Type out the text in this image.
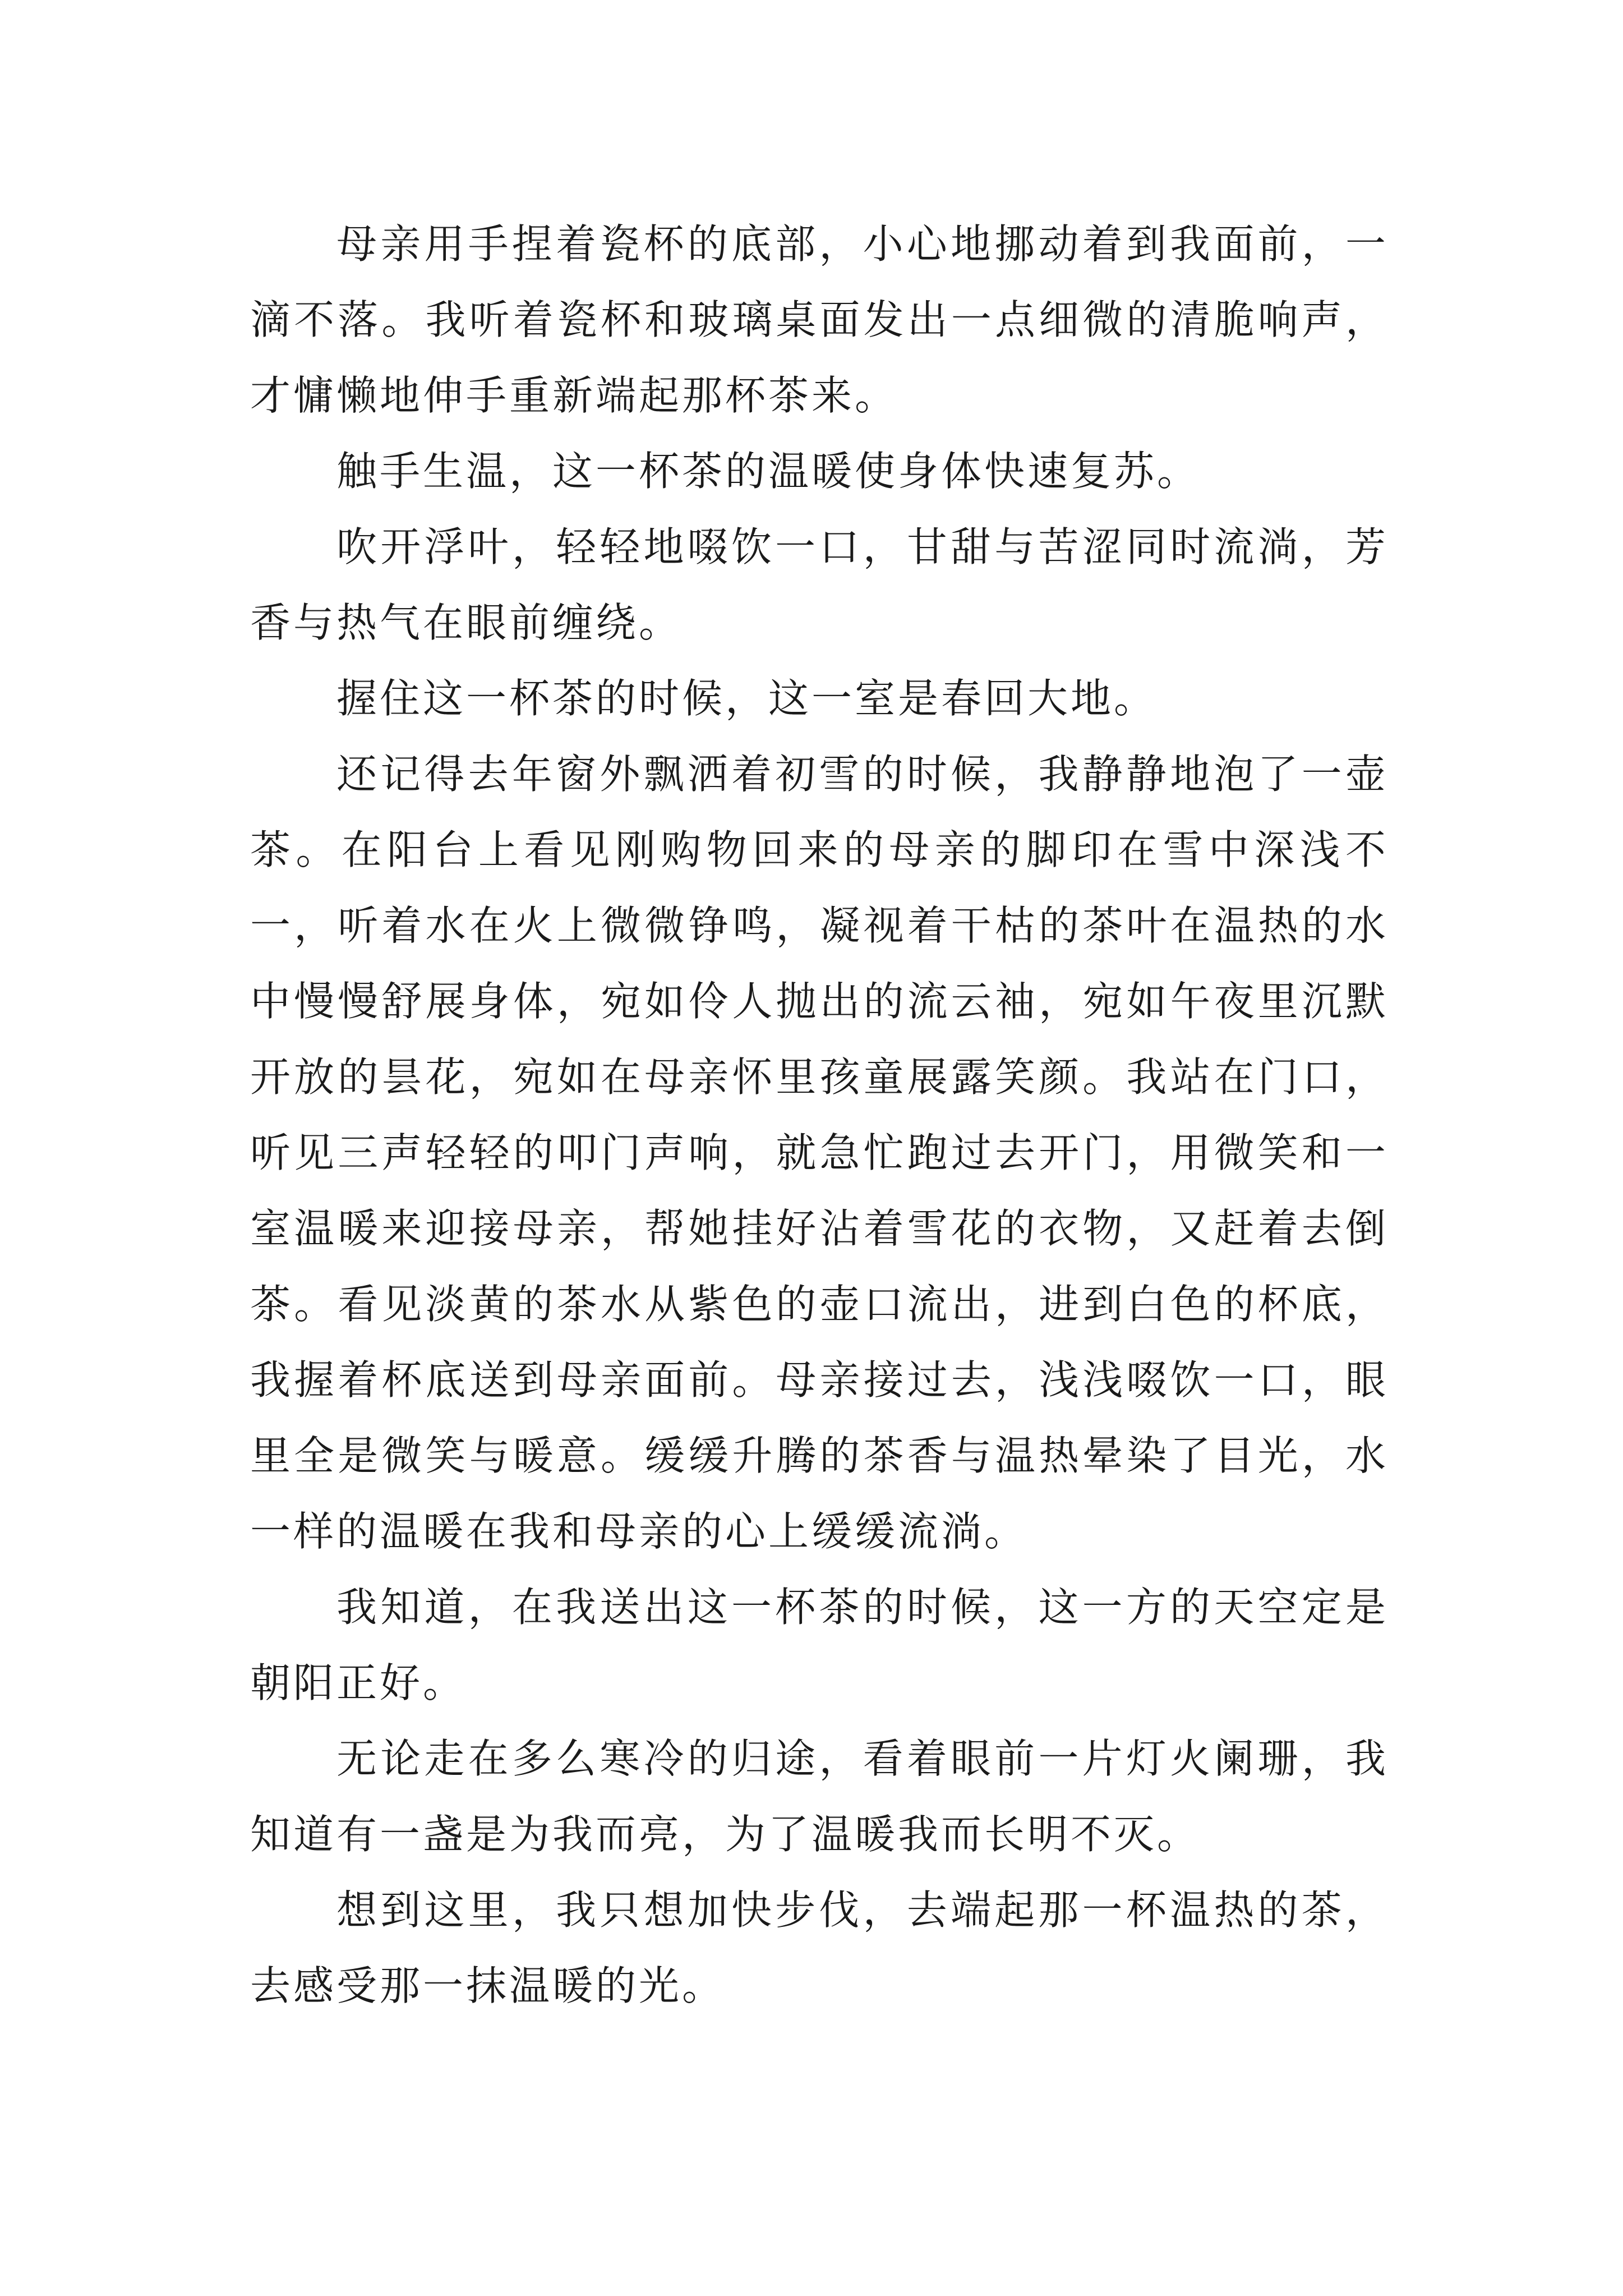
母亲用手捏着瓷杯的底部，小心地挪动着到我面前，一滴不落。我听着瓷杯和玻璃桌面发出一点细微的清脆响声，才慵懒地伸手重新端起那杯茶来。

触手生温，这一杯茶的温暖使身体快速复苏。

吹开浮叶，轻轻地啜饮一口，甘甜与苦涩同时流淌，芳香与热气在眼前缠绕。

握住这一杯茶的时候，这一室是春回大地。

还记得去年窗外飘洒着初雪的时候，我静静地泡了一壶茶。在阳台上看见刚购物回来的母亲的脚印在雪中深浅不一，听着水在火上微微铮鸣，凝视着干枯的茶叶在温热的水中慢慢舒展身体，宛如伶人抛出的流云袖，宛如午夜里沉默开放的昙花，宛如在母亲怀里孩童展露笑颜。我站在门口，听见三声轻轻的叩门声响，就急忙跑过去开门，用微笑和一室温暖来迎接母亲，帮她挂好沾着雪花的衣物，又赶着去倒茶。看见淡黄的茶水从紫色的壶口流出，进到白色的杯底，我握着杯底送到母亲面前。母亲接过去，浅浅啜饮一口，眼里全是微笑与暖意。缓缓升腾的茶香与温热晕染了目光，水一样的温暖在我和母亲的心上缓缓流淌。

我知道，在我送出这一杯茶的时候，这一方的天空定是朝阳正好。

无论走在多么寒冷的归途，看着眼前一片灯火阑珊，我知道有一盏是为我而亮，为了温暖我而长明不灭。

想到这里，我只想加快步伐，去端起那一杯温热的茶，去感受那一抹温暖的光。
